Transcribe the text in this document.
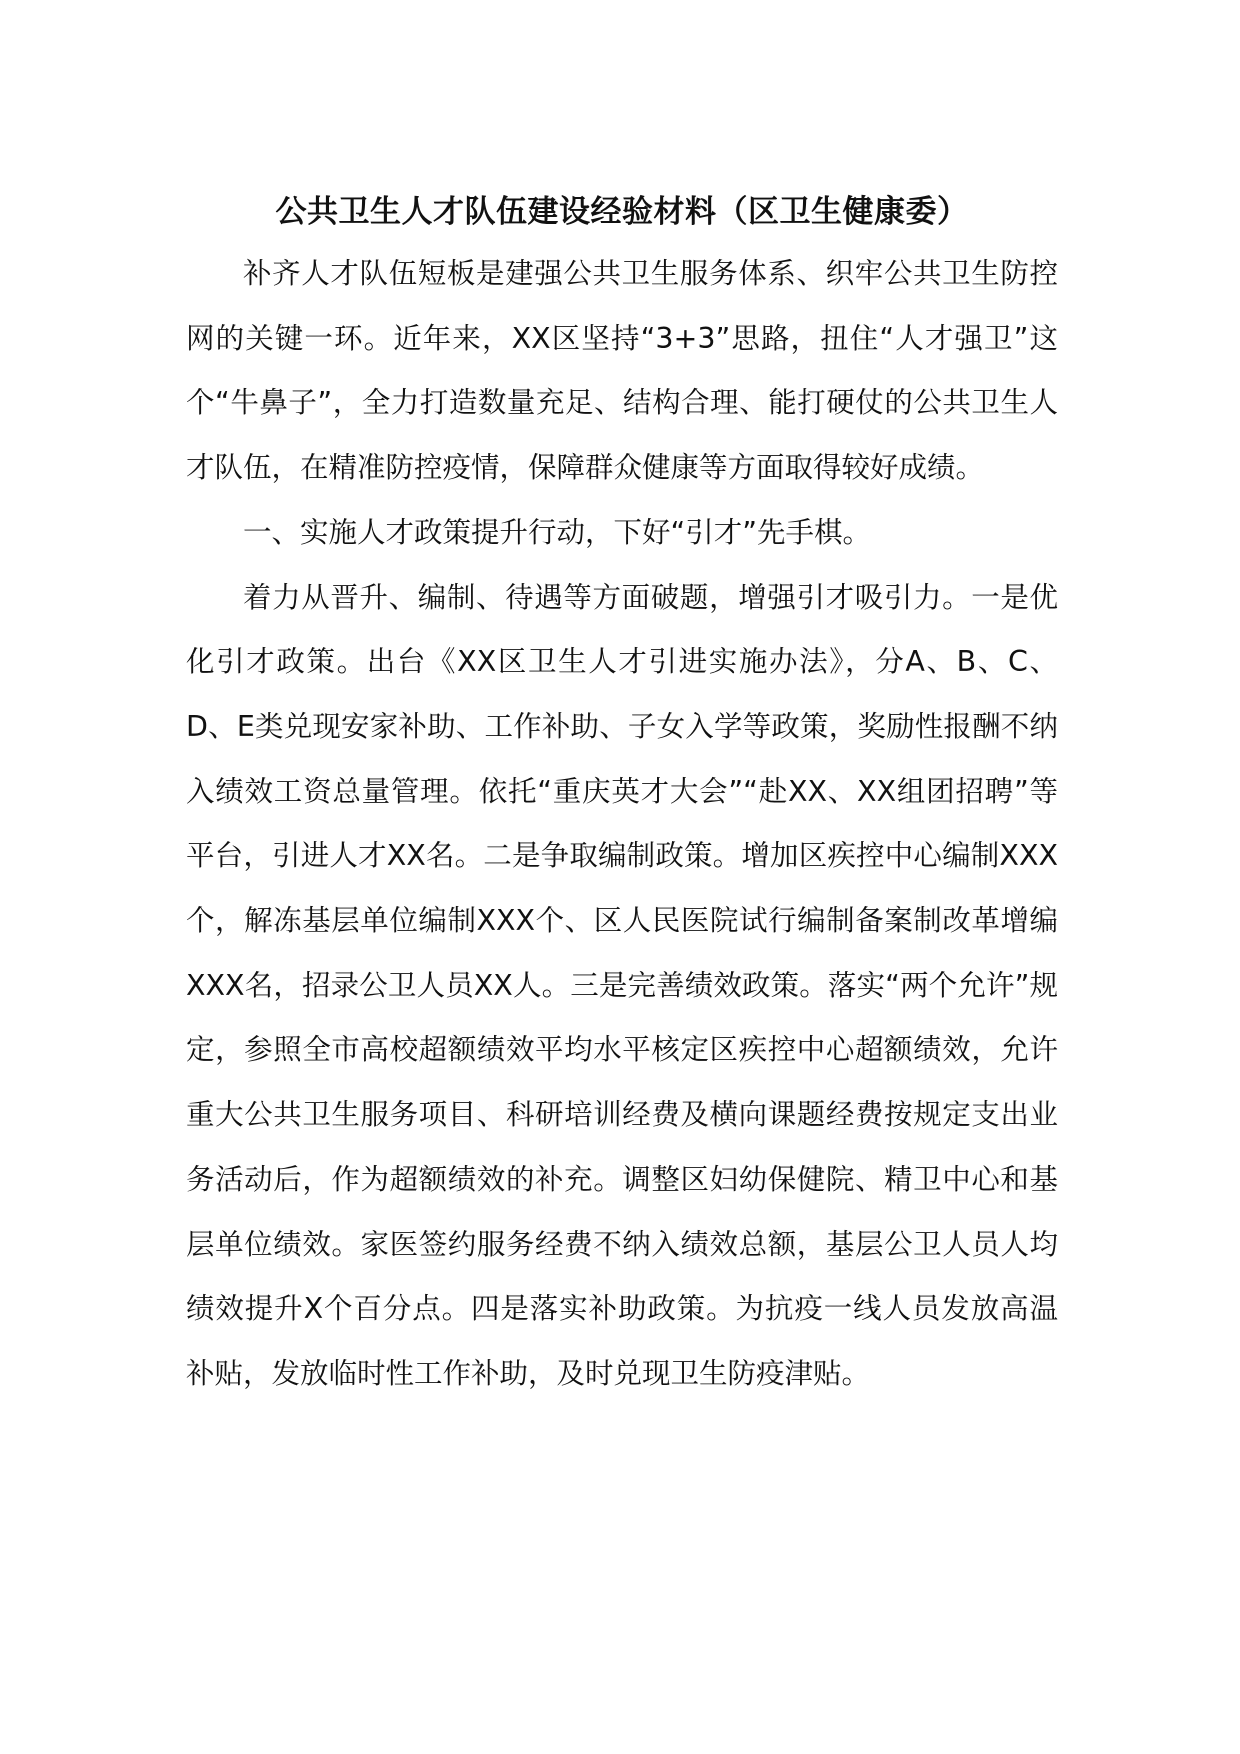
公共卫生人才队伍建设经验材料（区卫生健康委）

补齐人才队伍短板是建强公共卫生服务体系、织牢公共卫生防控网的关键一环。近年来，XX区坚持“3+3”思路，扭住“人才强卫”这个“牛鼻子”，全力打造数量充足、结构合理、能打硬仗的公共卫生人才队伍，在精准防控疫情，保障群众健康等方面取得较好成绩。

一、实施人才政策提升行动，下好“引才”先手棋。

着力从晋升、编制、待遇等方面破题，增强引才吸引力。一是优化引才政策。出台《XX区卫生人才引进实施办法》，分A、B、C、D、E类兑现安家补助、工作补助、子女入学等政策，奖励性报酬不纳入绩效工资总量管理。依托“重庆英才大会”“赴XX、XX组团招聘”等平台，引进人才XX名。二是争取编制政策。增加区疾控中心编制XXX个，解冻基层单位编制XXX个、区人民医院试行编制备案制改革增编XXX名，招录公卫人员XX人。三是完善绩效政策。落实“两个允许”规定，参照全市高校超额绩效平均水平核定区疾控中心超额绩效，允许重大公共卫生服务项目、科研培训经费及横向课题经费按规定支出业务活动后，作为超额绩效的补充。调整区妇幼保健院、精卫中心和基层单位绩效。家医签约服务经费不纳入绩效总额，基层公卫人员人均绩效提升X个百分点。四是落实补助政策。为抗疫一线人员发放高温补贴，发放临时性工作补助，及时兑现卫生防疫津贴。
